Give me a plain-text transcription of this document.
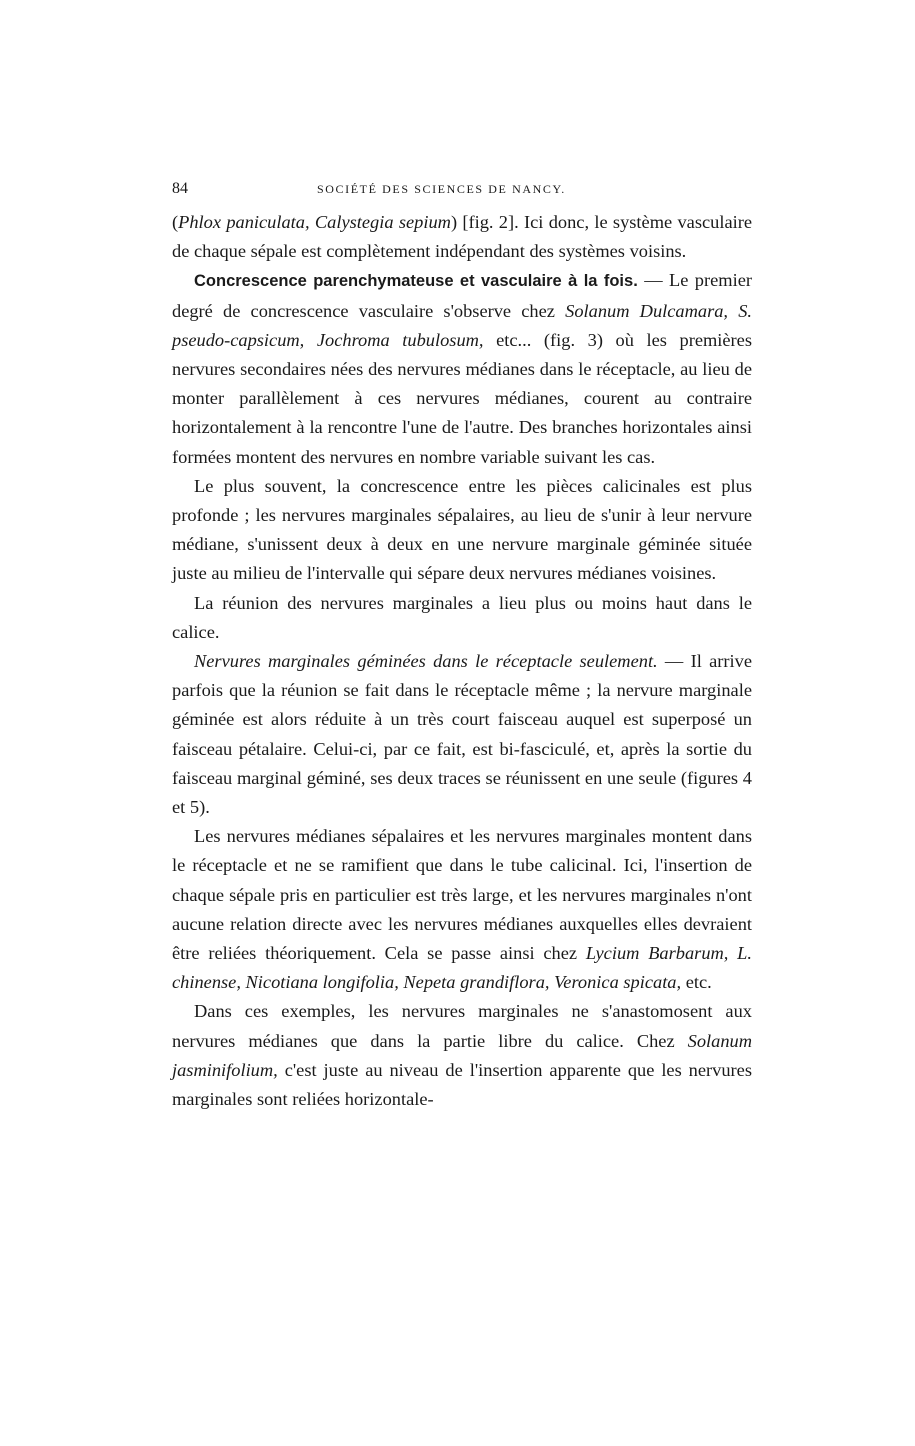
84	SOCIÉTÉ DES SCIENCES DE NANCY.

(Phlox paniculata, Calystegia sepium) [fig. 2]. Ici donc, le système vasculaire de chaque sépale est complètement indépendant des systèmes voisins.

Concrescence parenchymateuse et vasculaire à la fois. — Le premier degré de concrescence vasculaire s'observe chez Solanum Dulcamara, S. pseudo-capsicum, Jochroma tubulosum, etc... (fig. 3) où les premières nervures secondaires nées des nervures médianes dans le réceptacle, au lieu de monter parallèlement à ces nervures médianes, courent au contraire horizontalement à la rencontre l'une de l'autre. Des branches horizontales ainsi formées montent des nervures en nombre variable suivant les cas.

Le plus souvent, la concrescence entre les pièces calicinales est plus profonde ; les nervures marginales sépalaires, au lieu de s'unir à leur nervure médiane, s'unissent deux à deux en une nervure marginale géminée située juste au milieu de l'intervalle qui sépare deux nervures médianes voisines.

La réunion des nervures marginales a lieu plus ou moins haut dans le calice.

Nervures marginales géminées dans le réceptacle seulement. — Il arrive parfois que la réunion se fait dans le réceptacle même ; la nervure marginale géminée est alors réduite à un très court faisceau auquel est superposé un faisceau pétalaire. Celui-ci, par ce fait, est bi-fasciculé, et, après la sortie du faisceau marginal géminé, ses deux traces se réunissent en une seule (figures 4 et 5).

Les nervures médianes sépalaires et les nervures marginales montent dans le réceptacle et ne se ramifient que dans le tube calicinal. Ici, l'insertion de chaque sépale pris en particulier est très large, et les nervures marginales n'ont aucune relation directe avec les nervures médianes auxquelles elles devraient être reliées théoriquement. Cela se passe ainsi chez Lycium Barbarum, L. chinense, Nicotiana longifolia, Nepeta grandiflora, Veronica spicata, etc.

Dans ces exemples, les nervures marginales ne s'anastomosent aux nervures médianes que dans la partie libre du calice. Chez Solanum jasminifolium, c'est juste au niveau de l'insertion apparente que les nervures marginales sont reliées horizontale-
